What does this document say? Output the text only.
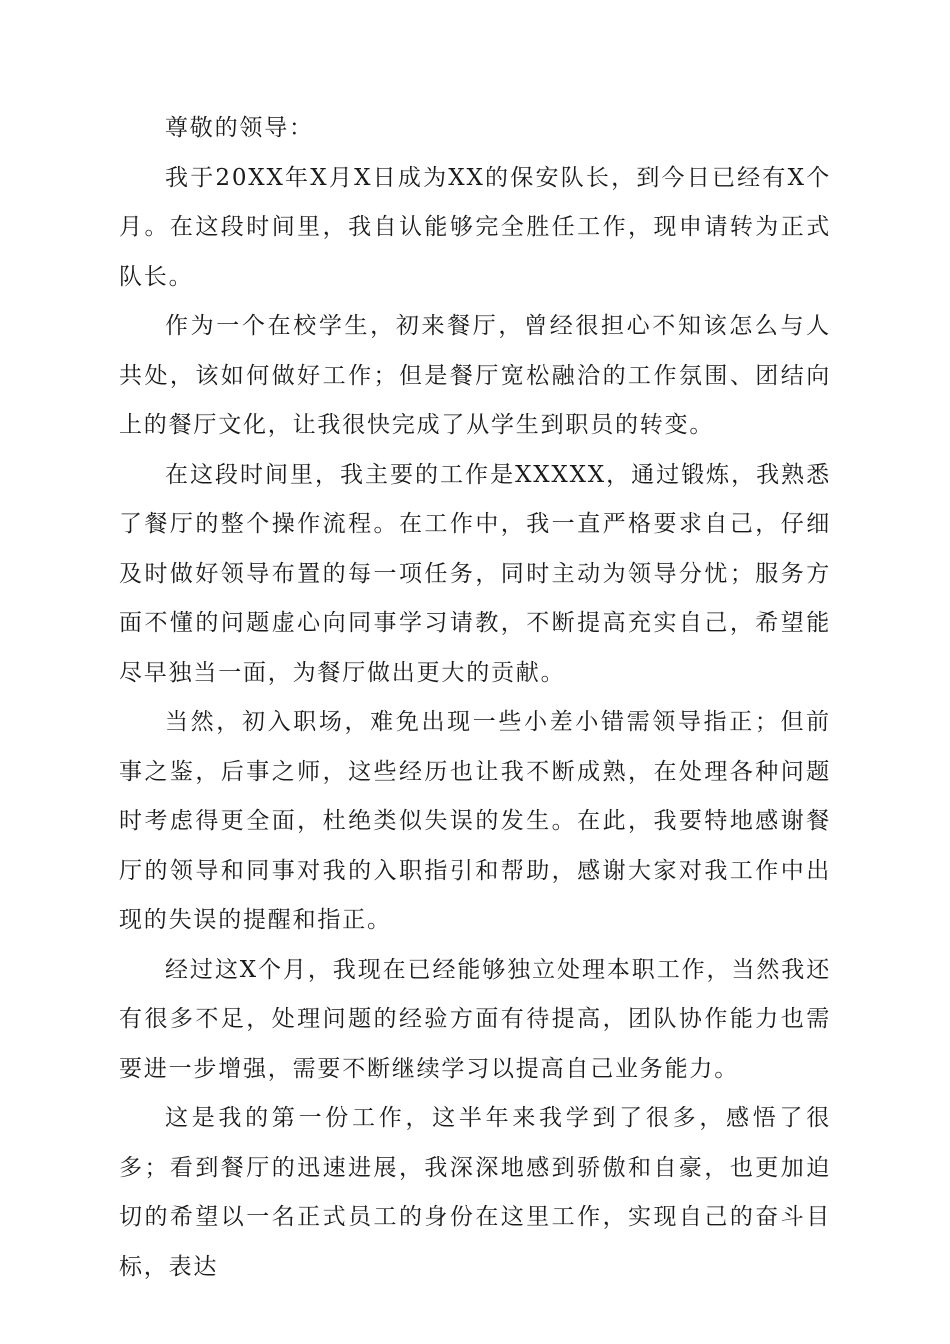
尊敬的领导：

我于20XX年X月X日成为XX的保安队长，到今日已经有X个月。在这段时间里，我自认能够完全胜任工作，现申请转为正式队长。

作为一个在校学生，初来餐厅，曾经很担心不知该怎么与人共处，该如何做好工作；但是餐厅宽松融洽的工作氛围、团结向上的餐厅文化，让我很快完成了从学生到职员的转变。

在这段时间里，我主要的工作是XXXXX，通过锻炼，我熟悉了餐厅的整个操作流程。在工作中，我一直严格要求自己，仔细及时做好领导布置的每一项任务，同时主动为领导分忧；服务方面不懂的问题虚心向同事学习请教，不断提高充实自己，希望能尽早独当一面，为餐厅做出更大的贡献。

当然，初入职场，难免出现一些小差小错需领导指正；但前事之鉴，后事之师，这些经历也让我不断成熟，在处理各种问题时考虑得更全面，杜绝类似失误的发生。在此，我要特地感谢餐厅的领导和同事对我的入职指引和帮助，感谢大家对我工作中出现的失误的提醒和指正。

经过这X个月，我现在已经能够独立处理本职工作，当然我还有很多不足，处理问题的经验方面有待提高，团队协作能力也需要进一步增强，需要不断继续学习以提高自己业务能力。

这是我的第一份工作，这半年来我学到了很多，感悟了很多；看到餐厅的迅速进展，我深深地感到骄傲和自豪，也更加迫切的希望以一名正式员工的身份在这里工作，实现自己的奋斗目标，表达
